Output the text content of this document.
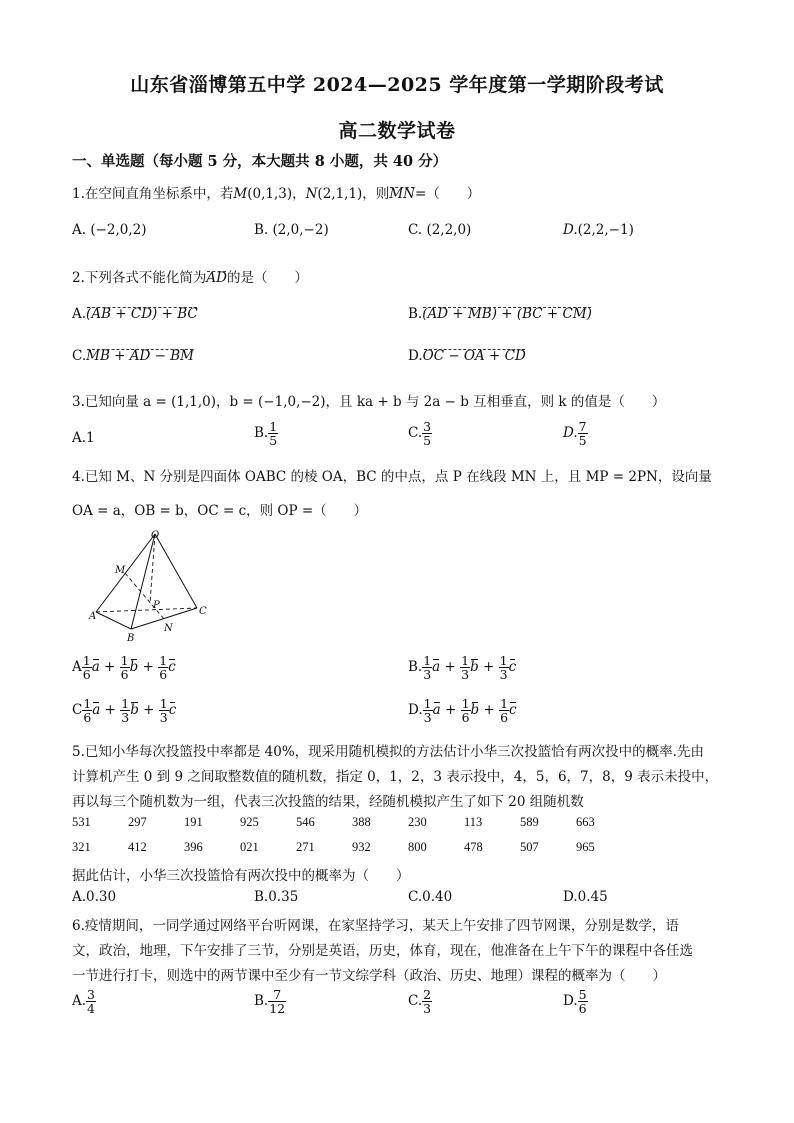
山东省淄博第五中学 2024—2025 学年度第一学期阶段考试
高二数学试卷
一、单选题（每小题 5 分，本大题共 8 小题，共 40 分）
1.在空间直角坐标系中，若M(0,1,3)，N(2,1,1)，则MN=（　　）
A. (−2,0,2)	B. (2,0,−2)	C. (2,2,0)	D.(2,2,−1)
2.下列各式不能化简为AD的是（　　）
A.(AB + CD) + BC	B.(AD + MB) + (BC + CM)
C.MB + AD − BM	D.OC − OA + CD
3.已知向量 a = (1,1,0)，b = (−1,0,−2)，且 ka + b 与 2a − b 互相垂直，则 k 的值是（　　）
A.1	B. $\frac{1}{5}$	C. $\frac{3}{5}$	D. $\frac{7}{5}$
4.已知 M、N 分别是四面体 OABC 的棱 OA，BC 的中点，点 P 在线段 MN 上，且 MP = 2PN，设向量
OA = a，OB = b，OC = c，则 OP =（　　）
O
M
A
P
C
B
N
A $\frac{1}{6}$ $a + \frac{1}{6}$ $b + \frac{1}{6}$ c	B. $\frac{1}{3}$ $a + \frac{1}{3}$ $b + \frac{1}{3}$ c
C $\frac{1}{6}$ $a + \frac{1}{3}$ $b + \frac{1}{3}$ c	D. $\frac{1}{3}$ $a + \frac{1}{6}$ $b + \frac{1}{6}$ c
5.已知小华每次投篮投中率都是 40%，现采用随机模拟的方法估计小华三次投篮恰有两次投中的概率.先由
计算机产生 0 到 9 之间取整数值的随机数，指定 0，1，2，3 表示投中，4，5，6，7，8，9 表示未投中，
再以每三个随机数为一组，代表三次投篮的结果，经随机模拟产生了如下 20 组随机数
531	297	191	925	546	388	230	113	589	663
321	412	396	021	271	932	800	478	507	965
据此估计，小华三次投篮恰有两次投中的概率为（　　）
A.0.30	B.0.35	C.0.40	D.0.45
6.疫情期间，一同学通过网络平台听网课，在家坚持学习，某天上午安排了四节网课，分别是数学，语
文，政治，地理，下午安排了三节，分别是英语，历史，体育，现在，他准备在上午下午的课程中各任选
一节进行打卡，则选中的两节课中至少有一节文综学科（政治、历史、地理）课程的概率为（　　）
A. $\frac{3}{4}$	B. $\frac{7}{12}$	C. $\frac{2}{3}$	D. $\frac{5}{6}$
